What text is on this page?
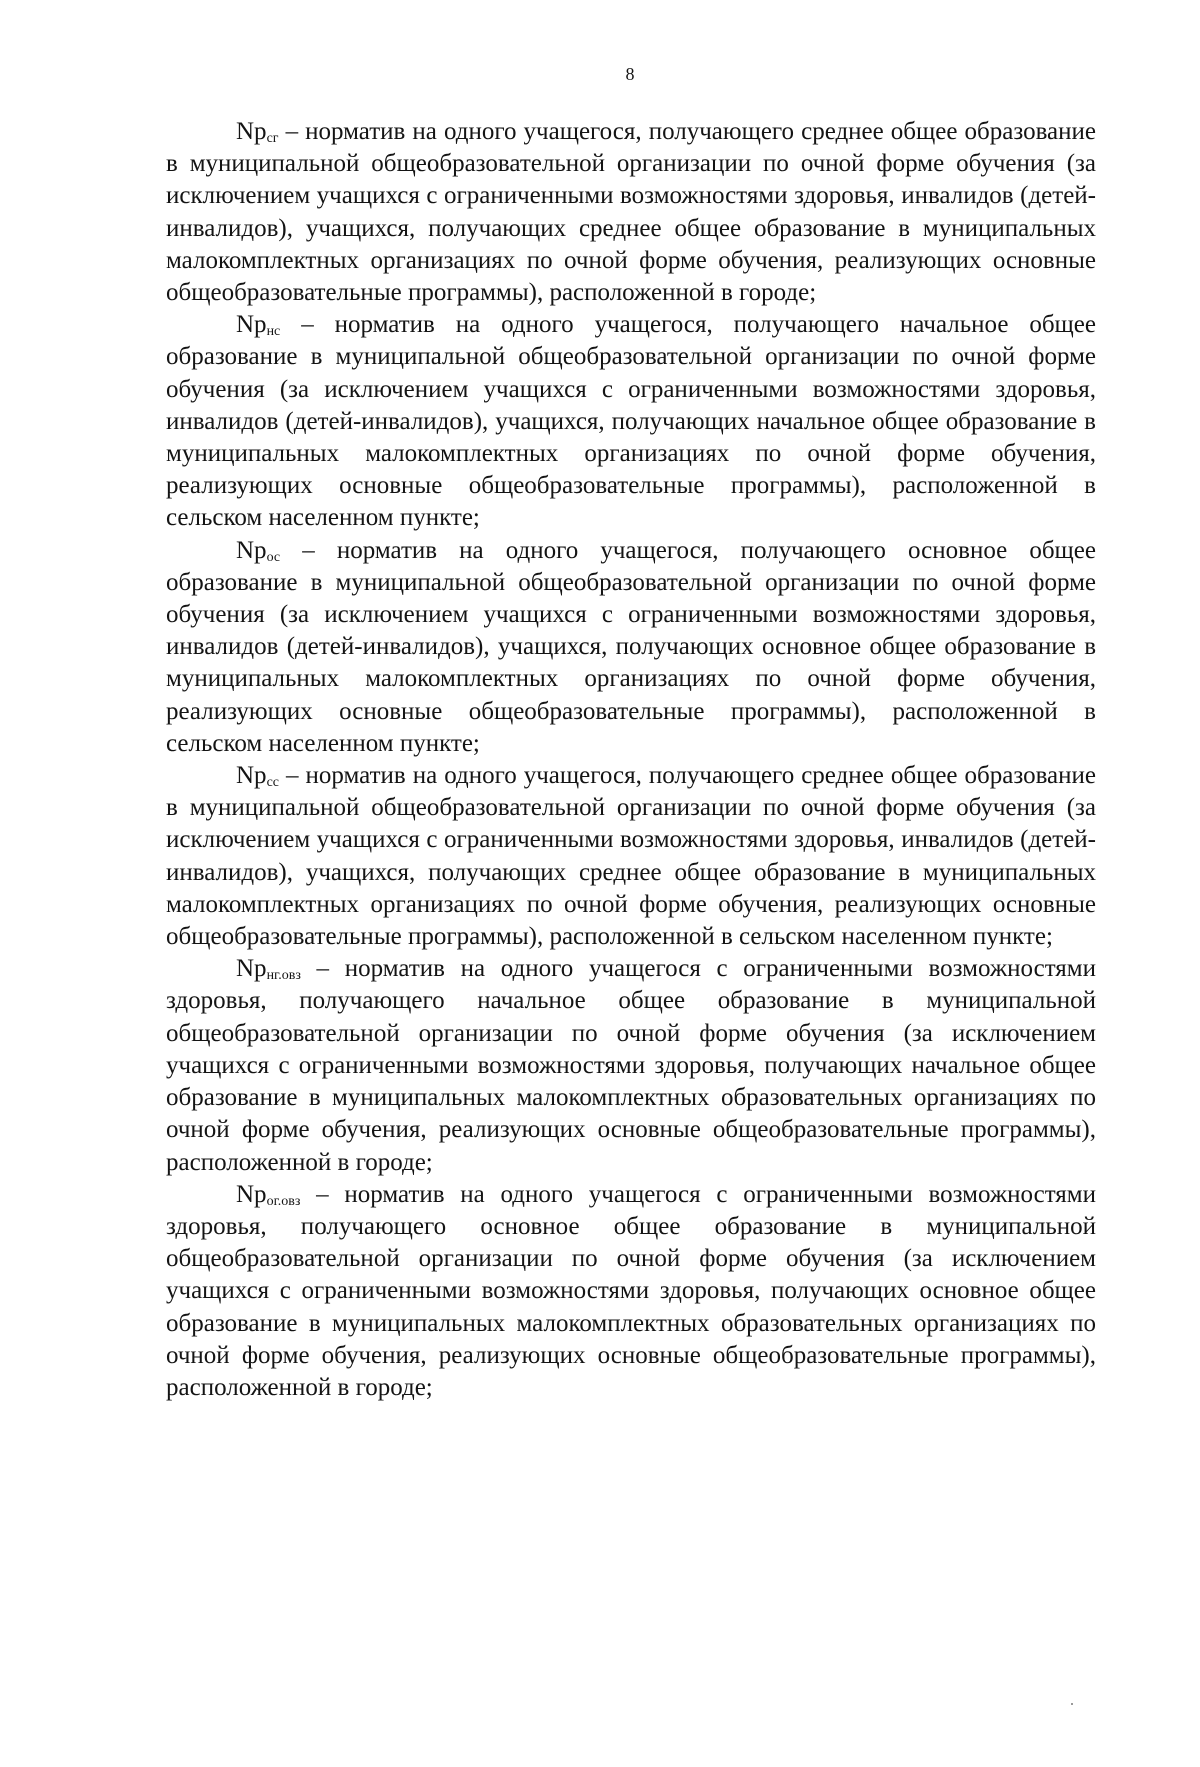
8

$Np_{сг}$ – норматив на одного учащегося, получающего среднее общее образование в муниципальной общеобразовательной организации по очной форме обучения (за исключением учащихся с ограниченными возможностями здоровья, инвалидов (детей-инвалидов), учащихся, получающих среднее общее образование в муниципальных малокомплектных организациях по очной форме обучения, реализующих основные общеобразовательные программы), расположенной в городе;

$Np_{нс}$ – норматив на одного учащегося, получающего начальное общее образование в муниципальной общеобразовательной организации по очной форме обучения (за исключением учащихся с ограниченными возможностями здоровья, инвалидов (детей-инвалидов), учащихся, получающих начальное общее образование в муниципальных малокомплектных организациях по очной форме обучения, реализующих основные общеобразовательные программы), расположенной в сельском населенном пункте;

$Np_{ос}$ – норматив на одного учащегося, получающего основное общее образование в муниципальной общеобразовательной организации по очной форме обучения (за исключением учащихся с ограниченными возможностями здоровья, инвалидов (детей-инвалидов), учащихся, получающих основное общее образование в муниципальных малокомплектных организациях по очной форме обучения, реализующих основные общеобразовательные программы), расположенной в сельском населенном пункте;

$Np_{сс}$ – норматив на одного учащегося, получающего среднее общее образование в муниципальной общеобразовательной организации по очной форме обучения (за исключением учащихся с ограниченными возможностями здоровья, инвалидов (детей-инвалидов), учащихся, получающих среднее общее образование в муниципальных малокомплектных организациях по очной форме обучения, реализующих основные общеобразовательные программы), расположенной в сельском населенном пункте;

$Np_{нг.овз}$ – норматив на одного учащегося с ограниченными возможностями здоровья, получающего начальное общее образование в муниципальной общеобразовательной организации по очной форме обучения (за исключением учащихся с ограниченными возможностями здоровья, получающих начальное общее образование в муниципальных малокомплектных образовательных организациях по очной форме обучения, реализующих основные общеобразовательные программы), расположенной в городе;

$Np_{ог.овз}$ – норматив на одного учащегося с ограниченными возможностями здоровья, получающего основное общее образование в муниципальной общеобразовательной организации по очной форме обучения (за исключением учащихся с ограниченными возможностями здоровья, получающих основное общее образование в муниципальных малокомплектных образовательных организациях по очной форме обучения, реализующих основные общеобразовательные программы), расположенной в городе;
